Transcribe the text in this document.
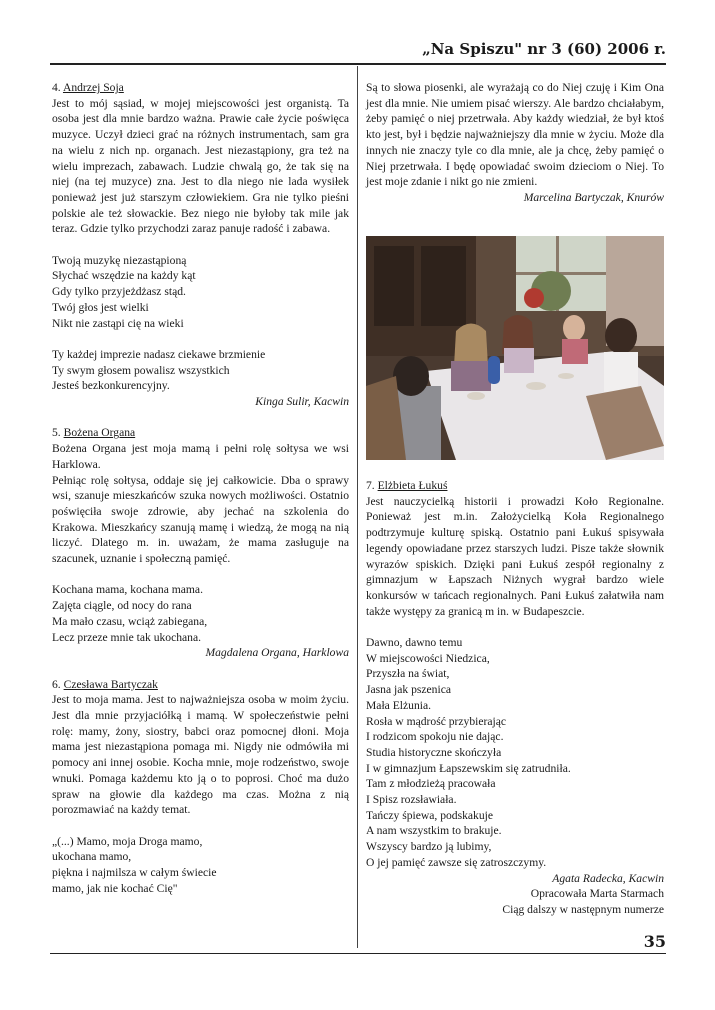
„Na Spiszu" nr 3 (60) 2006 r.

4. Andrzej Soja

Jest to mój sąsiad, w mojej miejscowości jest organistą. Ta osoba jest dla mnie bardzo ważna. Prawie całe życie poświęca muzyce. Uczył dzieci grać na różnych instrumentach, sam gra na wielu z nich np. organach. Jest niezastąpiony, gra też na wielu imprezach, zabawach. Ludzie chwalą go, że tak się na niej (na tej muzyce) zna. Jest to dla niego nie lada wysiłek ponieważ jest już starszym człowiekiem. Gra nie tylko pieśni polskie ale też słowackie. Bez niego nie byłoby tak mile jak teraz. Gdzie tylko przychodzi zaraz panuje radość i zabawa.

Twoją muzykę niezastąpioną

Słychać wszędzie na każdy kąt

Gdy tylko przyjeżdżasz stąd.

Twój głos jest wielki

Nikt nie zastąpi cię na wieki

Ty każdej imprezie nadasz ciekawe brzmienie

Ty swym głosem powalisz wszystkich

Jesteś bezkonkurencyjny.

Kinga Sulir, Kacwin

5. Bożena Organa

Bożena Organa jest moja mamą i pełni rolę sołtysa we wsi Harklowa.

Pełniąc rolę sołtysa, oddaje się jej całkowicie. Dba o sprawy wsi, szanuje mieszkańców szuka nowych możliwości. Ostatnio poświęciła swoje zdrowie, aby jechać na szkolenia do Krakowa. Mieszkańcy szanują mamę i wiedzą, że mogą na nią liczyć. Dlatego m. in. uważam, że mama zasługuje na szacunek, uznanie i społeczną pamięć.

Kochana mama, kochana mama.

Zajęta ciągle, od nocy do rana

Ma mało czasu, wciąż zabiegana,

Lecz przeze mnie tak ukochana.

Magdalena Organa, Harklowa

6. Czesława Bartyczak

Jest to moja mama. Jest to najważniejsza osoba w moim życiu. Jest dla mnie przyjaciółką i mamą. W społeczeństwie pełni rolę: mamy, żony, siostry, babci oraz pomocnej dłoni. Moja mama jest niezastąpiona pomaga mi. Nigdy nie odmówiła mi pomocy ani innej osobie. Kocha mnie, moje rodzeństwo, swoje wnuki. Pomaga każdemu kto ją o to poprosi. Choć ma dużo spraw na głowie dla każdego ma czas. Można z nią porozmawiać na każdy temat.

„(...) Mamo, moja Droga mamo,

ukochana mamo,

piękna i najmilsza w całym świecie

mamo, jak nie kochać Cię"

Są to słowa piosenki, ale wyrażają co do Niej czuję i Kim Ona jest dla mnie. Nie umiem pisać wierszy. Ale bardzo chciałabym, żeby pamięć o niej przetrwała. Aby każdy wiedział, że był ktoś kto jest, był i będzie najważniejszy dla mnie w życiu. Może dla innych nie znaczy tyle co dla mnie, ale ja chcę, żeby pamięć o Niej przetrwała. I będę opowiadać swoim dzieciom o Niej. To jest moje zdanie i nikt go nie zmieni.

Marcelina Bartyczak, Knurów

7. Elżbieta Łukuś

Jest nauczycielką historii i prowadzi Koło Regionalne. Ponieważ jest m.in. Założycielką Koła Regionalnego podtrzymuje kulturę spiską. Ostatnio pani Łukuś spisywała legendy opowiadane przez starszych ludzi. Pisze także słownik wyrazów spiskich. Dzięki pani Łukuś zespół regionalny z gimnazjum w Łapszach Niżnych wygrał bardzo wiele konkursów w tańcach regionalnych. Pani Łukuś załatwiła nam także występy za granicą m in. w Budapeszcie.

Dawno, dawno temu

W miejscowości Niedzica,

Przyszła na świat,

Jasna jak pszenica

Mała Elżunia.

Rosła w mądrość przybierając

I rodzicom spokoju nie dając.

Studia historyczne skończyła

I w gimnazjum Łapszewskim się zatrudniła.

Tam z młodzieżą pracowała

I Spisz rozsławiała.

Tańczy śpiewa, podskakuje

A nam wszystkim to brakuje.

Wszyscy bardzo ją lubimy,

O jej pamięć zawsze się zatroszczymy.

Agata Radecka, Kacwin

Opracowała Marta Starmach

Ciąg dalszy w następnym numerze

35
